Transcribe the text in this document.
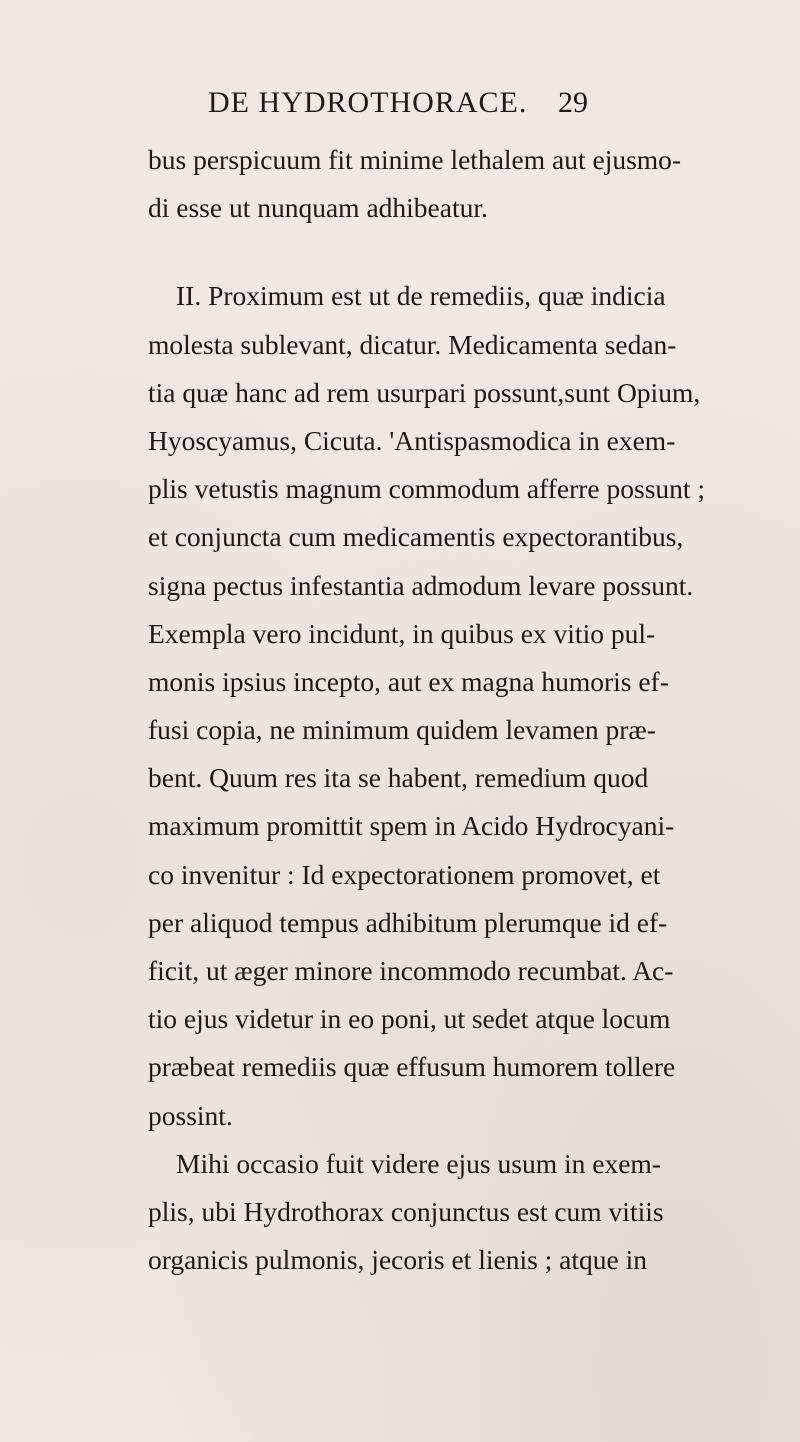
DE HYDROTHORACE. 29
bus perspicuum fit minime lethalem aut ejusmo-
di esse ut nunquam adhibeatur.
II. Proximum est ut de remediis, quæ indicia
molesta sublevant, dicatur. Medicamenta sedan-
tia quæ hanc ad rem usurpari possunt,sunt Opium,
Hyoscyamus, Cicuta. 'Antispasmodica in exem-
plis vetustis magnum commodum afferre possunt ;
et conjuncta cum medicamentis expectorantibus,
signa pectus infestantia admodum levare possunt.
Exempla vero incidunt, in quibus ex vitio pul-
monis ipsius incepto, aut ex magna humoris ef-
fusi copia, ne minimum quidem levamen præ-
bent. Quum res ita se habent, remedium quod
maximum promittit spem in Acido Hydrocyani-
co invenitur : Id expectorationem promovet, et
per aliquod tempus adhibitum plerumque id ef-
ficit, ut æger minore incommodo recumbat. Ac-
tio ejus videtur in eo poni, ut sedet atque locum
præbeat remediis quæ effusum humorem tollere
possint.
Mihi occasio fuit videre ejus usum in exem-
plis, ubi Hydrothorax conjunctus est cum vitiis
organicis pulmonis, jecoris et lienis ; atque in
